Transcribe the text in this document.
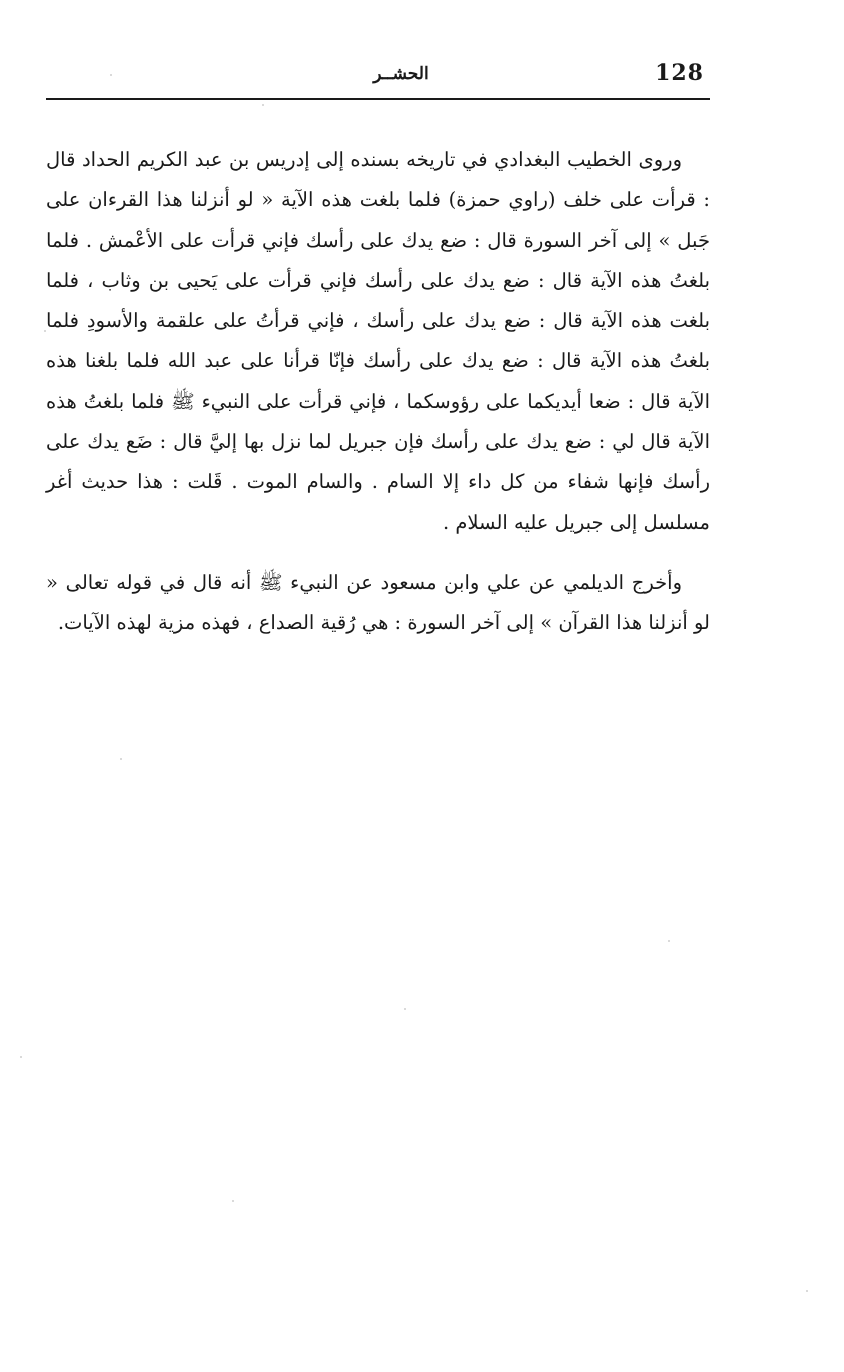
128
الحشــر

وروى الخطيب البغدادي في تاريخه بسنده إلى إدريس بن عبد الكريم الحداد قال : قرأت على خلف (راوي حمزة) فلما بلغت هذه الآية « لو أنزلنا هذا القرءان على جَبل » إلى آخر السورة قال : ضع يدك على رأسك فإني قرأت على الأعْمش . فلما بلغتُ هذه الآية قال : ضع يدك على رأسك فإني قرأت على يَحيى بن وثاب ، فلما بلغت هذه الآية قال : ضع يدك على رأسك ، فإني قرأتُ على علقمة والأسودِ فلما بلغتُ هذه الآية قال : ضع يدك على رأسك فإنّا قرأنا على عبد الله فلما بلغنا هذه الآية قال : ضعا أيديكما على رؤوسكما ، فإني قرأت على النبيء ﷺ فلما بلغتُ هذه الآية قال لي : ضع يدك على رأسك فإن جبريل لما نزل بها إليَّ قال : ضَع يدك على رأسك فإنها شفاء من كل داء إلا السام . والسام الموت . قَلت : هذا حديث أغر مسلسل إلى جبريل عليه السلام .

وأخرج الديلمي عن علي وابن مسعود عن النبيء ﷺ أنه قال في قوله تعالى « لو أنزلنا هذا القرآن » إلى آخر السورة : هي رُقية الصداع ، فهذه مزية لهذه الآيات.
